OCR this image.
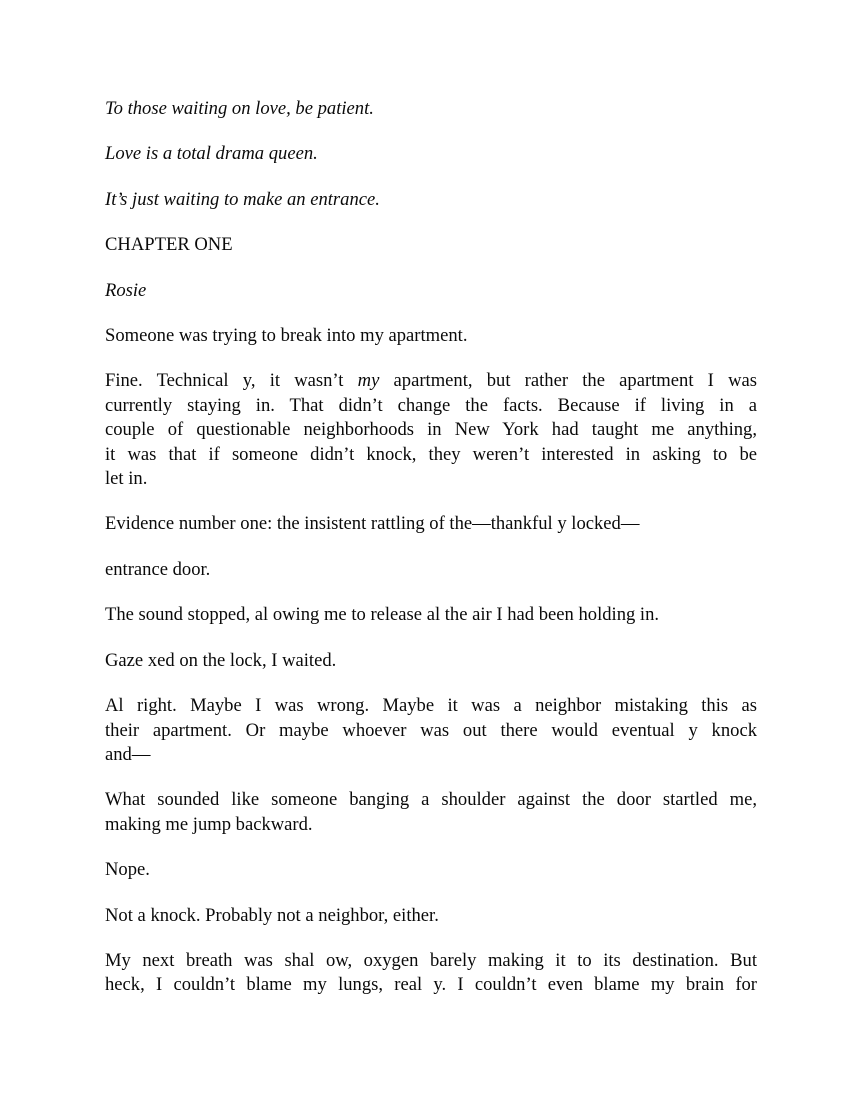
To those waiting on love, be patient.

Love is a total drama queen.

It’s just waiting to make an entrance.

CHAPTER ONE

Rosie

Someone was trying to break into my apartment.

Fine. Technical y, it wasn’t my apartment, but rather the apartment I was
currently staying in. That didn’t change the facts. Because if living in a
couple of questionable neighborhoods in New York had taught me anything,
it was that if someone didn’t knock, they weren’t interested in asking to be
let in.

Evidence number one: the insistent rattling of the—thankful y locked—

entrance door.

The sound stopped, al owing me to release al the air I had been holding in.

Gaze xed on the lock, I waited.

Al right. Maybe I was wrong. Maybe it was a neighbor mistaking this as
their apartment. Or maybe whoever was out there would eventual y knock
and—

What sounded like someone banging a shoulder against the door startled me,
making me jump backward.

Nope.

Not a knock. Probably not a neighbor, either.

My next breath was shal ow, oxygen barely making it to its destination. But
heck, I couldn’t blame my lungs, real y. I couldn’t even blame my brain for
